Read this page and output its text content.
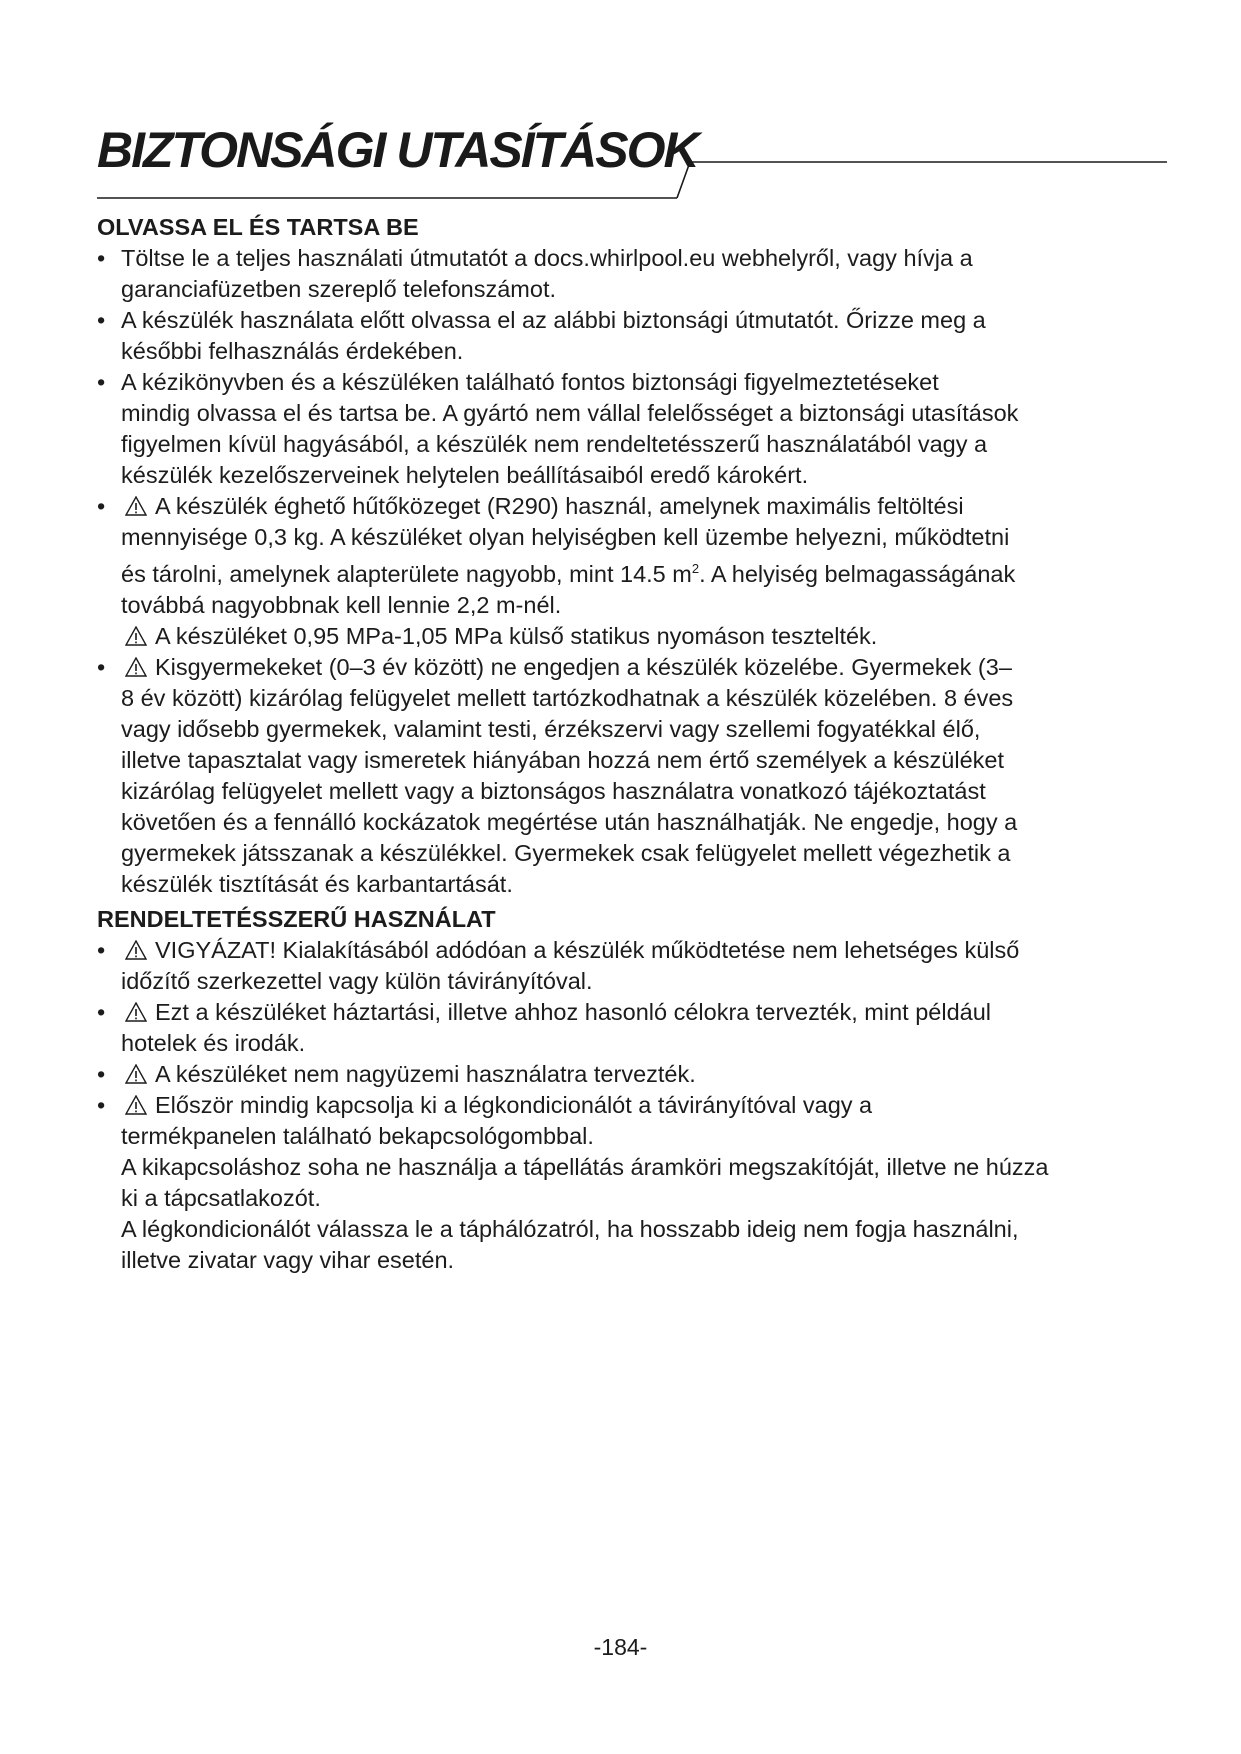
BIZTONSÁGI UTASÍTÁSOK

OLVASSA EL ÉS TARTSA BE

• Töltse le a teljes használati útmutatót a docs.whirlpool.eu webhelyről, vagy hívja a
garanciafüzetben szereplő telefonszámot.
• A készülék használata előtt olvassa el az alábbi biztonsági útmutatót. Őrizze meg a
későbbi felhasználás érdekében.
• A kézikönyvben és a készüléken található fontos biztonsági figyelmeztetéseket
mindig olvassa el és tartsa be. A gyártó nem vállal felelősséget a biztonsági utasítások
figyelmen kívül hagyásából, a készülék nem rendeltetésszerű használatából vagy a
készülék kezelőszerveinek helytelen beállításaiból eredő károkért.
•	A készülék éghető hűtőközeget (R290) használ, amelynek maximális feltöltési
mennyisége 0,3 kg. A készüléket olyan helyiségben kell üzembe helyezni, működtetni
és tárolni, amelynek alapterülete nagyobb, mint 14.5 $m^2$. A helyiség belmagasságának
továbbá nagyobbnak kell lennie 2,2 m-nél.
A készüléket 0,95 MPa-1,05 MPa külső statikus nyomáson tesztelték.
•	Kisgyermekeket (0–3 év között) ne engedjen a készülék közelébe. Gyermekek (3–
8 év között) kizárólag felügyelet mellett tartózkodhatnak a készülék közelében. 8 éves
vagy idősebb gyermekek, valamint testi, érzékszervi vagy szellemi fogyatékkal élő,
illetve tapasztalat vagy ismeretek hiányában hozzá nem értő személyek a készüléket
kizárólag felügyelet mellett vagy a biztonságos használatra vonatkozó tájékoztatást
követően és a fennálló kockázatok megértése után használhatják. Ne engedje, hogy a
gyermekek játsszanak a készülékkel. Gyermekek csak felügyelet mellett végezhetik a
készülék tisztítását és karbantartását.

RENDELTETÉSSZERŰ HASZNÁLAT

•	VIGYÁZAT! Kialakításából adódóan a készülék működtetése nem lehetséges külső
időzítő szerkezettel vagy külön távirányítóval.
•	Ezt a készüléket háztartási, illetve ahhoz hasonló célokra tervezték, mint például
hotelek és irodák.
•	A készüléket nem nagyüzemi használatra tervezték.
•	Először mindig kapcsolja ki a légkondicionálót a távirányítóval vagy a
termékpanelen található bekapcsológombbal.
A kikapcsoláshoz soha ne használja a tápellátás áramköri megszakítóját, illetve ne húzza
ki a tápcsatlakozót.
A légkondicionálót válassza le a táphálózatról, ha hosszabb ideig nem fogja használni,
illetve zivatar vagy vihar esetén.
-184-
